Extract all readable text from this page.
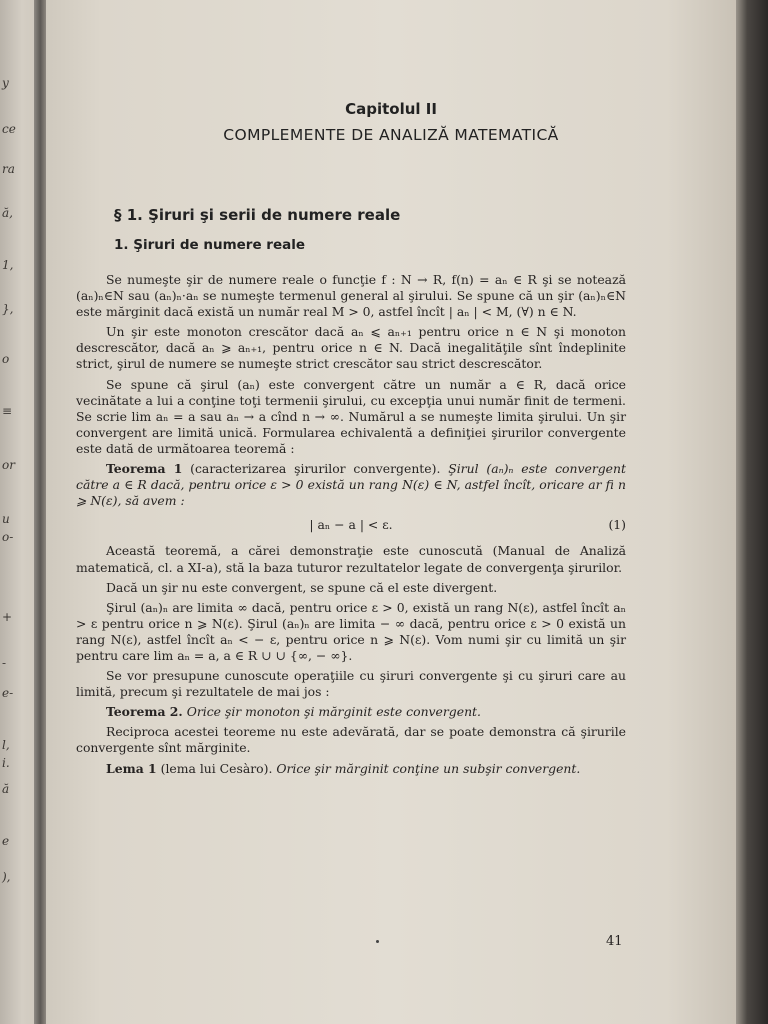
y
ce
ra
ă,
1,
},
o
≡
or
u
o-
+
-
e-
l,
i.
ă
e
),
Capitolul II
COMPLEMENTE DE ANALIZĂ MATEMATICĂ
§ 1. Şiruri şi serii de numere reale
1. Şiruri de numere reale

Se numeşte şir de numere reale o funcţie f : N → R, f(n) = aₙ ∈ R şi se notează (aₙ)ₙ∈N sau (aₙ)ₙ·aₙ se numeşte termenul general al şirului. Se spune că un şir (aₙ)ₙ∈N este mărginit dacă există un număr real M > 0, astfel încît | aₙ | < M, (∀) n ∈ N.

Un şir este monoton crescător dacă aₙ ⩽ aₙ₊₁ pentru orice n ∈ N şi monoton descrescător, dacă aₙ ⩾ aₙ₊₁, pentru orice n ∈ N. Dacă inegalităţile sînt îndeplinite strict, şirul de numere se numeşte strict crescător sau strict descrescător.

Se spune că şirul (aₙ) este convergent către un număr a ∈ R, dacă orice vecinătate a lui a conţine toţi termenii şirului, cu excepţia unui număr finit de termeni. Se scrie lim aₙ = a sau aₙ → a cînd n → ∞. Numărul a se numeşte limita şirului. Un şir convergent are limită unică. Formularea echivalentă a definiţiei şirurilor convergente este dată de următoarea teoremă :

Teorema 1 (caracterizarea şirurilor convergente). Şirul (aₙ)ₙ este convergent către a ∈ R dacă, pentru orice ε > 0 există un rang N(ε) ∈ N, astfel încît, oricare ar fi n ⩾ N(ε), să avem :

| aₙ − a | < ε.	(1)

Această teoremă, a cărei demonstraţie este cunoscută (Manual de Analiză matematică, cl. a XI-a), stă la baza tuturor rezultatelor legate de convergenţa şirurilor.

Dacă un şir nu este convergent, se spune că el este divergent.

Şirul (aₙ)ₙ are limita ∞ dacă, pentru orice ε > 0, există un rang N(ε), astfel încît aₙ > ε pentru orice n ⩾ N(ε). Şirul (aₙ)ₙ are limita − ∞ dacă, pentru orice ε > 0 există un rang N(ε), astfel încît aₙ < − ε, pentru orice n ⩾ N(ε). Vom numi şir cu limită un şir pentru care lim aₙ = a, a ∈ R ∪ ∪ {∞, − ∞}.

Se vor presupune cunoscute operaţiile cu şiruri convergente şi cu şiruri care au limită, precum şi rezultatele de mai jos :

Teorema 2. Orice şir monoton şi mărginit este convergent.

Reciproca acestei teoreme nu este adevărată, dar se poate demonstra că şirurile convergente sînt mărginite.

Lema 1 (lema lui Cesàro). Orice şir mărginit conţine un subşir convergent.

41
